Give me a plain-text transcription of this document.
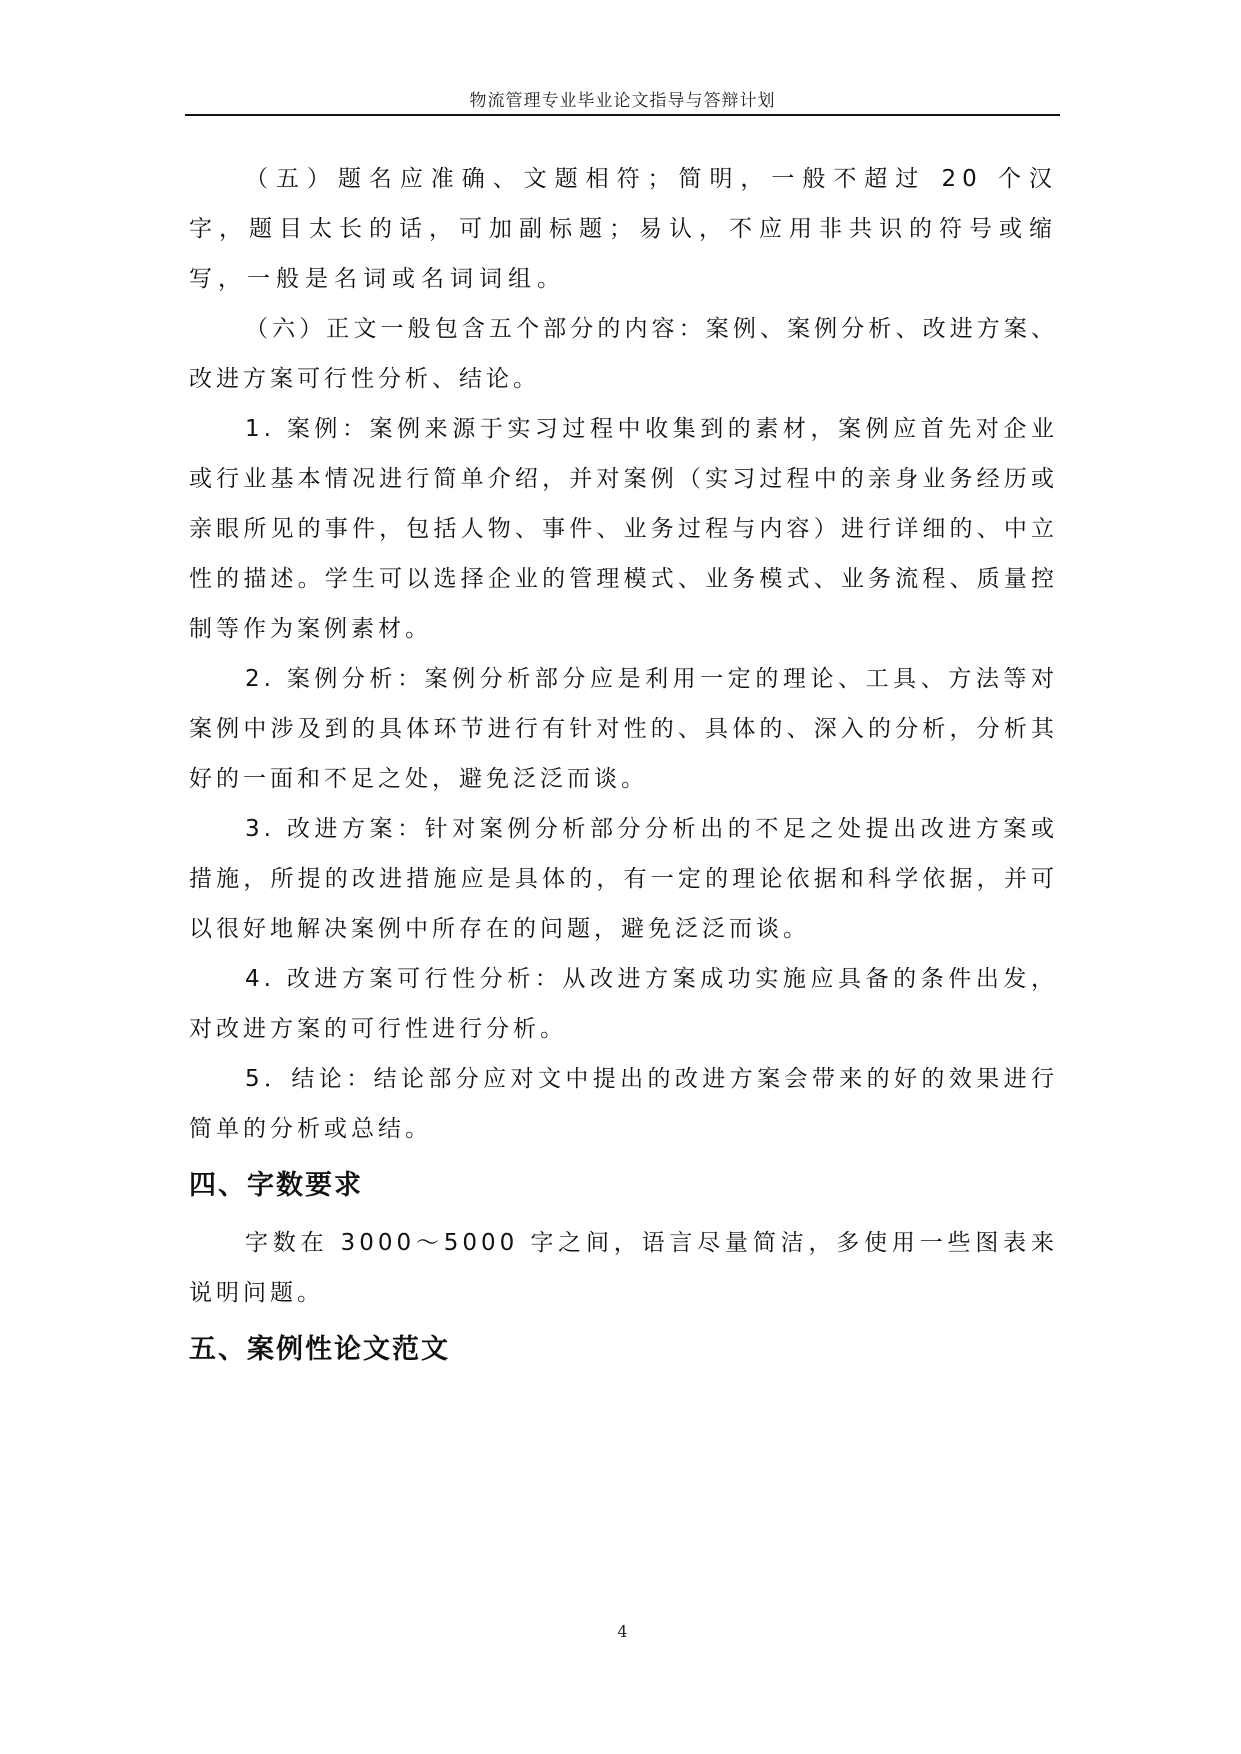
物流管理专业毕业论文指导与答辩计划

（五）题名应准确、文题相符；简明，一般不超过 20 个汉字，题目太长的话，可加副标题；易认，不应用非共识的符号或缩写，一般是名词或名词词组。

（六）正文一般包含五个部分的内容：案例、案例分析、改进方案、改进方案可行性分析、结论。

1. 案例：案例来源于实习过程中收集到的素材，案例应首先对企业或行业基本情况进行简单介绍，并对案例（实习过程中的亲身业务经历或亲眼所见的事件，包括人物、事件、业务过程与内容）进行详细的、中立性的描述。学生可以选择企业的管理模式、业务模式、业务流程、质量控制等作为案例素材。

2. 案例分析：案例分析部分应是利用一定的理论、工具、方法等对案例中涉及到的具体环节进行有针对性的、具体的、深入的分析，分析其好的一面和不足之处，避免泛泛而谈。

3. 改进方案：针对案例分析部分分析出的不足之处提出改进方案或措施，所提的改进措施应是具体的，有一定的理论依据和科学依据，并可以很好地解决案例中所存在的问题，避免泛泛而谈。

4. 改进方案可行性分析：从改进方案成功实施应具备的条件出发，对改进方案的可行性进行分析。

5．结论：结论部分应对文中提出的改进方案会带来的好的效果进行简单的分析或总结。

四、字数要求

字数在 3000～5000 字之间，语言尽量简洁，多使用一些图表来说明问题。

五、案例性论文范文
4
